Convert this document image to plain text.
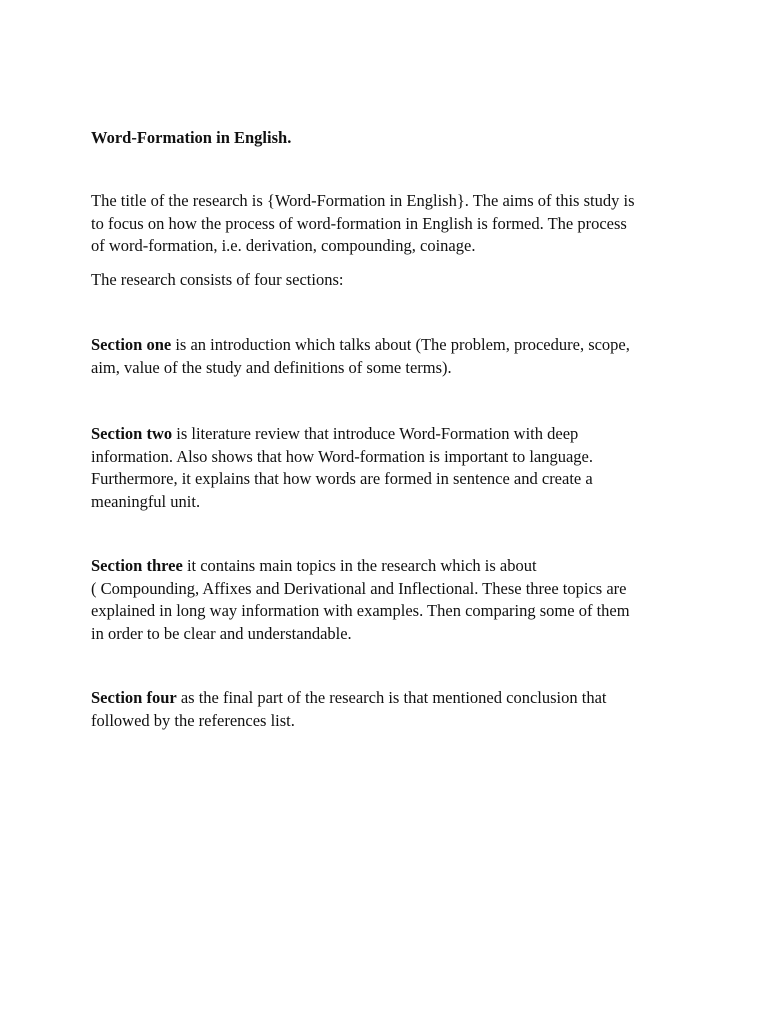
Word-Formation in English.

The title of the research is {Word-Formation in English}. The aims of this study is
to focus on how the process of word-formation in English is formed. The process
of word-formation, i.e. derivation, compounding, coinage.

The research consists of four sections:

Section one is an introduction which talks about (The problem, procedure, scope,
aim, value of the study and definitions of some terms).

Section two is literature review that introduce Word-Formation with deep
information. Also shows that how Word-formation is important to language.
Furthermore, it explains that how words are formed in sentence and create a
meaningful unit.

Section three it contains main topics in the research which is about
( Compounding, Affixes and Derivational and Inflectional. These three topics are
explained in long way information with examples. Then comparing some of them
in order to be clear and understandable.

Section four as the final part of the research is that mentioned conclusion that
followed by the references list.
